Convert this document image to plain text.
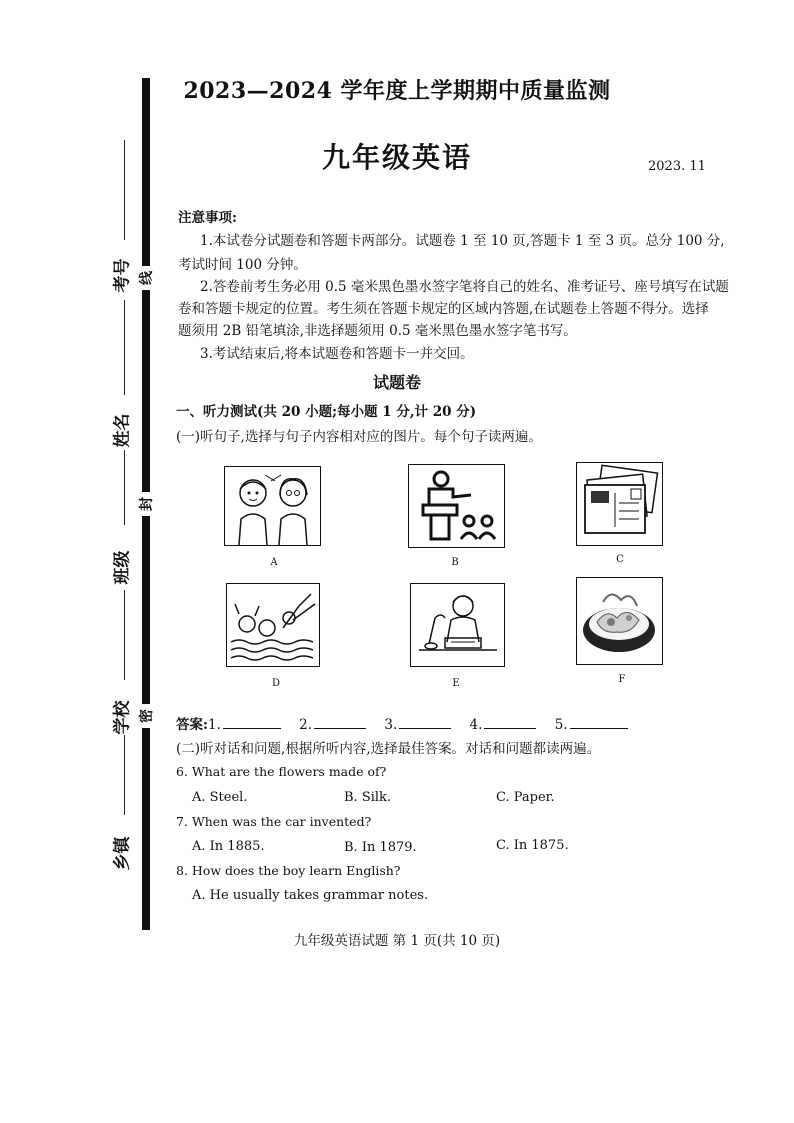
考号
姓名
班级
学校
乡镇
线
封
密
2023—2024 学年度上学期期中质量监测
九年级英语	2023. 11
注意事项:
1.本试卷分试题卷和答题卡两部分。试题卷 1 至 10 页,答题卡 1 至 3 页。总分 100 分,
考试时间 100 分钟。
2.答卷前考生务必用 0.5 毫米黑色墨水签字笔将自己的姓名、准考证号、座号填写在试题
卷和答题卡规定的位置。考生须在答题卡规定的区域内答题,在试题卷上答题不得分。选择
题须用 2B 铅笔填涂,非选择题须用 0.5 毫米黑色墨水签字笔书写。
3.考试结束后,将本试题卷和答题卡一并交回。
试题卷
一、听力测试(共 20 小题;每小题 1 分,计 20 分)
(一)听句子,选择与句子内容相对应的图片。每个句子读两遍。
A	B	C
D	E	F
答案:1.	2.	3.	4.	5.
(二)听对话和问题,根据所听内容,选择最佳答案。对话和问题都读两遍。
6. What are the flowers made of?
A. Steel.	B. Silk.	C. Paper.
7. When was the car invented?
A. In 1885.	B. In 1879.	C. In 1875.
8. How does the boy learn English?
A. He usually takes grammar notes.
九年级英语试题 第 1 页(共 10 页)
